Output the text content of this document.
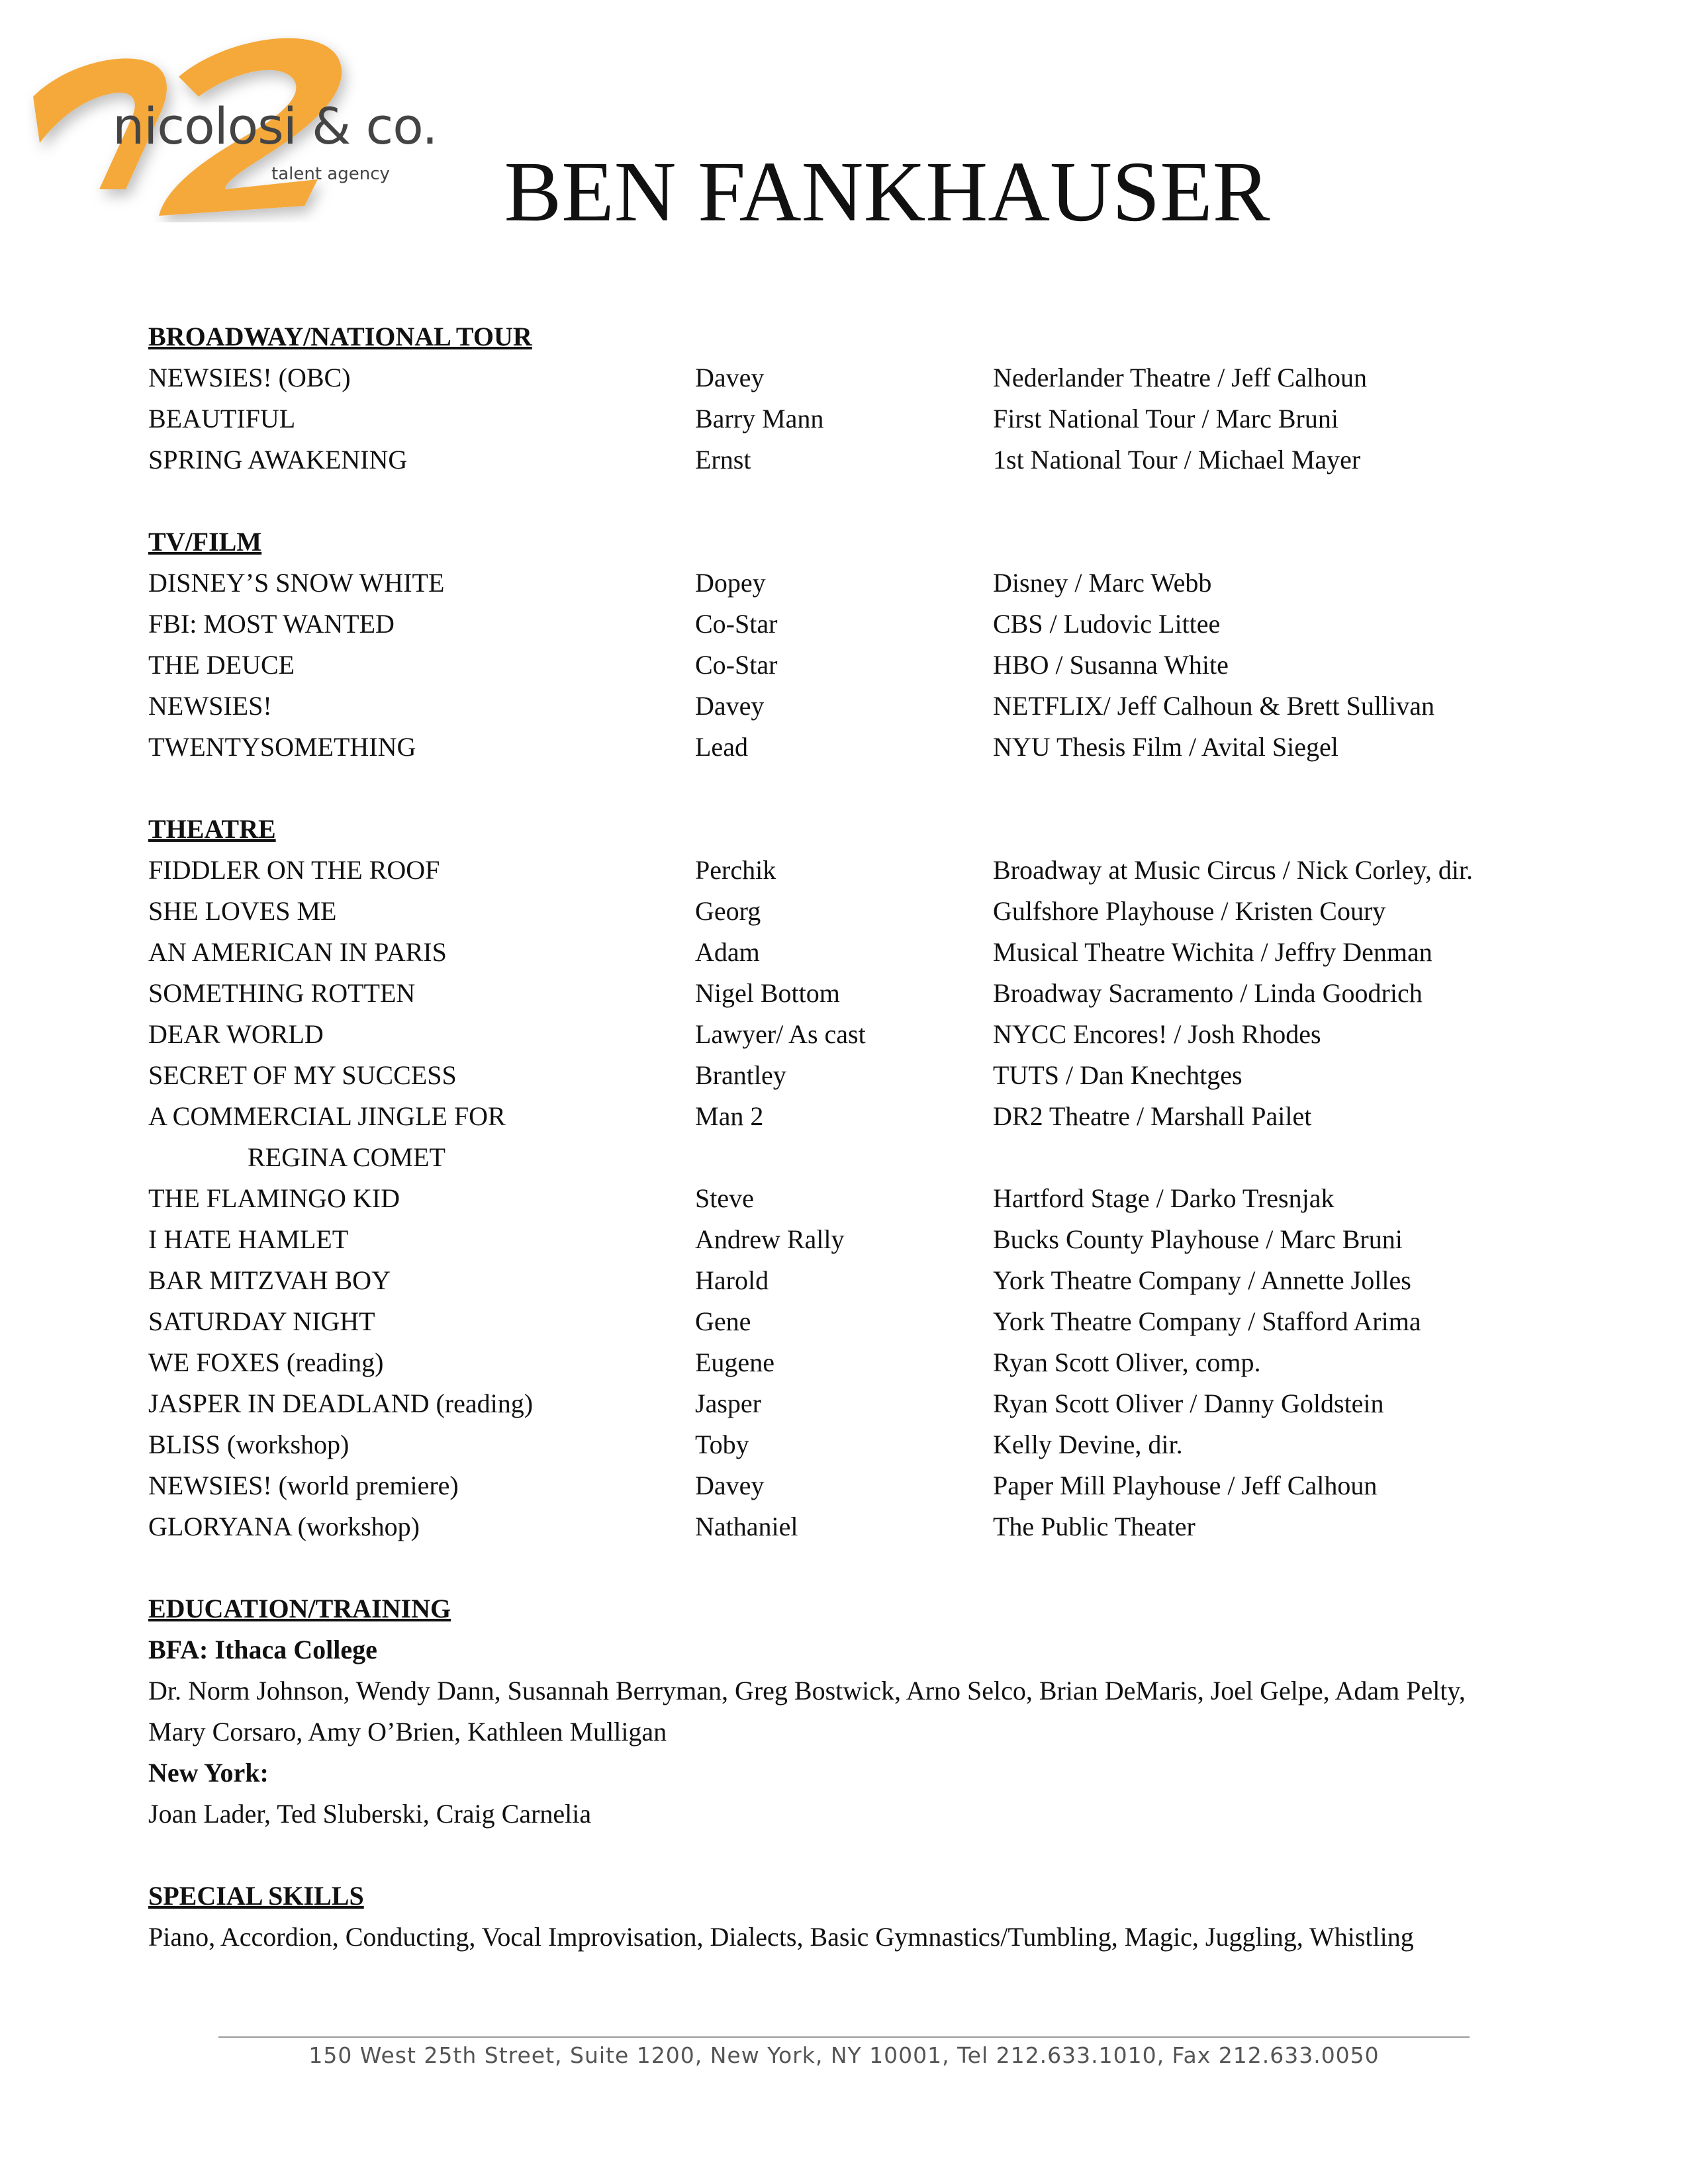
nicolosi & co.
talent agency	BEN FANKHAUSER
BROADWAY/NATIONAL TOUR
NEWSIES! (OBC)	Davey	Nederlander Theatre / Jeff Calhoun
BEAUTIFUL	Barry Mann	First National Tour / Marc Bruni
SPRING AWAKENING	Ernst	1st National Tour / Michael Mayer
TV/FILM
DISNEY’S SNOW WHITE	Dopey	Disney / Marc Webb
FBI: MOST WANTED	Co-Star	CBS / Ludovic Littee
THE DEUCE	Co-Star	HBO / Susanna White
NEWSIES!	Davey	NETFLIX/ Jeff Calhoun & Brett Sullivan
TWENTYSOMETHING	Lead	NYU Thesis Film / Avital Siegel
THEATRE
FIDDLER ON THE ROOF	Perchik	Broadway at Music Circus / Nick Corley, dir.
SHE LOVES ME	Georg	Gulfshore Playhouse / Kristen Coury
AN AMERICAN IN PARIS	Adam	Musical Theatre Wichita / Jeffry Denman
SOMETHING ROTTEN	Nigel Bottom	Broadway Sacramento / Linda Goodrich
DEAR WORLD	Lawyer/ As cast	NYCC Encores! / Josh Rhodes
SECRET OF MY SUCCESS	Brantley	TUTS / Dan Knechtges
A COMMERCIAL JINGLE FOR	Man 2	DR2 Theatre / Marshall Pailet
REGINA COMET
THE FLAMINGO KID	Steve	Hartford Stage / Darko Tresnjak
I HATE HAMLET	Andrew Rally	Bucks County Playhouse / Marc Bruni
BAR MITZVAH BOY	Harold	York Theatre Company / Annette Jolles
SATURDAY NIGHT	Gene	York Theatre Company / Stafford Arima
WE FOXES (reading)	Eugene	Ryan Scott Oliver, comp.
JASPER IN DEADLAND (reading)	Jasper	Ryan Scott Oliver / Danny Goldstein
BLISS (workshop)	Toby	Kelly Devine, dir.
NEWSIES! (world premiere)	Davey	Paper Mill Playhouse / Jeff Calhoun
GLORYANA (workshop)	Nathaniel	The Public Theater
EDUCATION/TRAINING
BFA: Ithaca College
Dr. Norm Johnson, Wendy Dann, Susannah Berryman, Greg Bostwick, Arno Selco, Brian DeMaris, Joel Gelpe, Adam Pelty,
Mary Corsaro, Amy O’Brien, Kathleen Mulligan
New York:
Joan Lader, Ted Sluberski, Craig Carnelia
SPECIAL SKILLS
Piano, Accordion, Conducting, Vocal Improvisation, Dialects, Basic Gymnastics/Tumbling, Magic, Juggling, Whistling
150 West 25th Street, Suite 1200, New York, NY 10001, Tel 212.633.1010, Fax 212.633.0050
